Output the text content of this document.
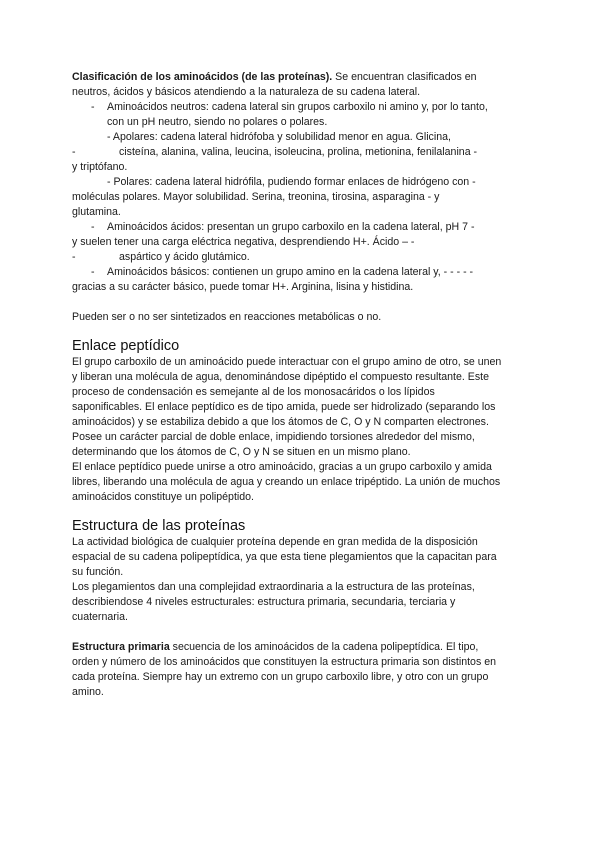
Clasificación de los aminoácidos (de las proteínas). Se encuentran clasificados en
neutros, ácidos y básicos atendiendo a la naturaleza de su cadena lateral.
- Aminoácidos neutros: cadena lateral sin grupos carboxilo ni amino y, por lo tanto,
con un pH neutro, siendo no polares o polares.
- Apolares: cadena lateral hidrófoba y solubilidad menor en agua. Glicina,
-	cisteína, alanina, valina, leucina, isoleucina, prolina, metionina, fenilalanina -
y triptófano.
- Polares: cadena lateral hidrófila, pudiendo formar enlaces de hidrógeno con -
moléculas polares. Mayor solubilidad. Serina, treonina, tirosina, asparagina - y
glutamina.
- Aminoácidos ácidos: presentan un grupo carboxilo en la cadena lateral, pH 7 -
y suelen tener una carga eléctrica negativa, desprendiendo H+. Ácido – -
-	aspártico y ácido glutámico.
- Aminoácidos básicos: contienen un grupo amino en la cadena lateral y, - - - - -
gracias a su carácter básico, puede tomar H+. Arginina, lisina y histidina.
Pueden ser o no ser sintetizados en reacciones metabólicas o no.
Enlace peptídico
El grupo carboxilo de un aminoácido puede interactuar con el grupo amino de otro, se unen
y liberan una molécula de agua, denominándose dipéptido el compuesto resultante. Este
proceso de condensación es semejante al de los monosacáridos o los lípidos
saponificables. El enlace peptídico es de tipo amida, puede ser hidrolizado (separando los
aminoácidos) y se estabiliza debido a que los átomos de C, O y N comparten electrones.
Posee un carácter parcial de doble enlace, impidiendo torsiones alrededor del mismo,
determinando que los átomos de C, O y N se situen en un mismo plano.
El enlace peptídico puede unirse a otro aminoácido, gracias a un grupo carboxilo y amida
libres, liberando una molécula de agua y creando un enlace tripéptido. La unión de muchos
aminoácidos constituye un polipéptido.
Estructura de las proteínas
La actividad biológica de cualquier proteína depende en gran medida de la disposición
espacial de su cadena polipeptídica, ya que esta tiene plegamientos que la capacitan para
su función.
Los plegamientos dan una complejidad extraordinaria a la estructura de las proteínas,
describiendose 4 niveles estructurales: estructura primaria, secundaria, terciaria y
cuaternaria.
Estructura primaria secuencia de los aminoácidos de la cadena polipeptídica. El tipo,
orden y número de los aminoácidos que constituyen la estructura primaria son distintos en
cada proteína. Siempre hay un extremo con un grupo carboxilo libre, y otro con un grupo
amino.
